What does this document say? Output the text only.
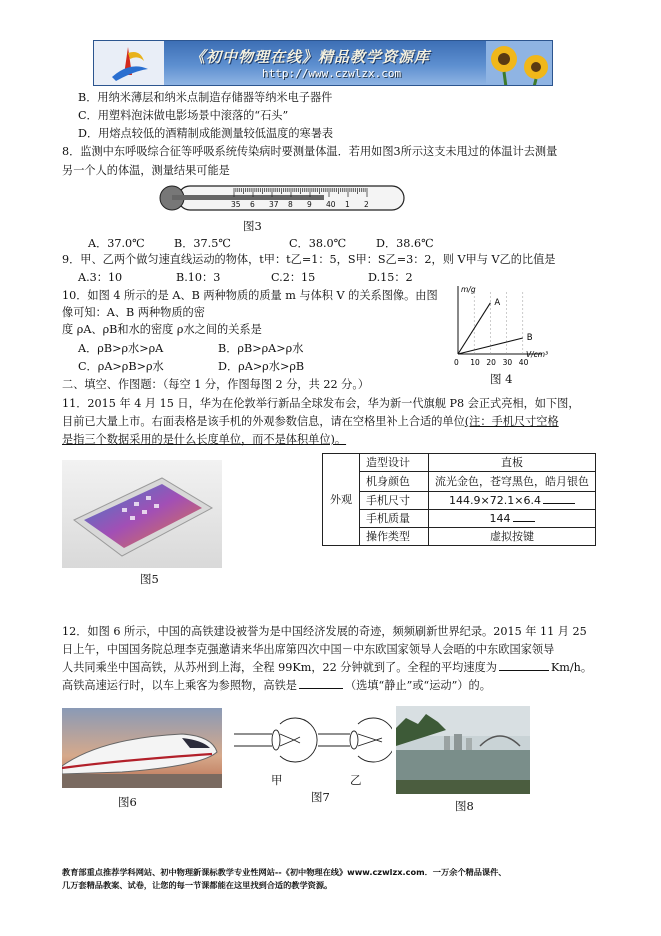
《初中物理在线》精品教学资源库
http://www.czwlzx.com
B．用纳米薄层和纳米点制造存储器等纳米电子器件
C．用塑料泡沫做电影场景中滚落的“石头”
D．用熔点较低的酒精制成能测量较低温度的寒暑表
8．监测中东呼吸综合征等呼吸系统传染病时要测量体温．若用如图3所示这支未甩过的体温计去测量
另一个人的体温，测量结果可能是
35 6 37 8 9 40 1 2
图3
A．37.0℃	B．37.5℃	C．38.0℃	D．38.6℃
9．甲、乙两个做匀速直线运动的物体，t甲：t乙=1：5，S甲：S乙=3：2，则 V甲与 V乙的比值是
A.3：10	B.10：3	C.2：15	D.15：2
10．如图 4 所示的是 A、B 两种物质的质量 m 与体积 V 的关系图像。由图
像可知：A、B 两种物质的密
度 ρA、ρB和水的密度 ρ水之间的关系是
A．ρB>ρ水>ρA	B．ρB>ρA>ρ水
C．ρA>ρB>ρ水	D．ρA>ρ水>ρB	0 10 20 30 40
m/g
V/cm³
A
B
图 4
二、填空、作图题：（每空 1 分，作图每图 2 分，共 22 分。）
11．2015 年 4 月 15 日，华为在伦敦举行新品全球发布会，华为新一代旗舰 P8 会正式亮相，如下图，
目前已大量上市。右面表格是该手机的外观参数信息，请在空格里补上合适的单位(注：手机尺寸空格
是指三个数据采用的是什么长度单位，而不是体积单位)。
图5
外观	造型设计	直板
	机身颜色	流光金色，苍穹黑色，皓月银色
	手机尺寸	144.9×72.1×6.4
	手机质量	144
	操作类型	虚拟按键
12．如图 6 所示，中国的高铁建设被誉为是中国经济发展的奇迹，频频刷新世界纪录。2015 年 11 月 25
日上午，中国国务院总理李克强邀请来华出席第四次中国－中东欧国家领导人会晤的中东欧国家领导
人共同乘坐中国高铁，从苏州到上海，全程 99Km，22 分钟就到了。全程的平均速度为	Km/h。
高铁高速运行时，以车上乘客为参照物，高铁是	（选填“静止”或“运动”）的。
图6
甲	乙
图7
图8
教育部重点推荐学科网站、初中物理新课标教学专业性网站--《初中物理在线》www.czwlzx.com．一万余个精品课件、
几万套精品教案、试卷，让您的每一节课都能在这里找到合适的教学资源。
